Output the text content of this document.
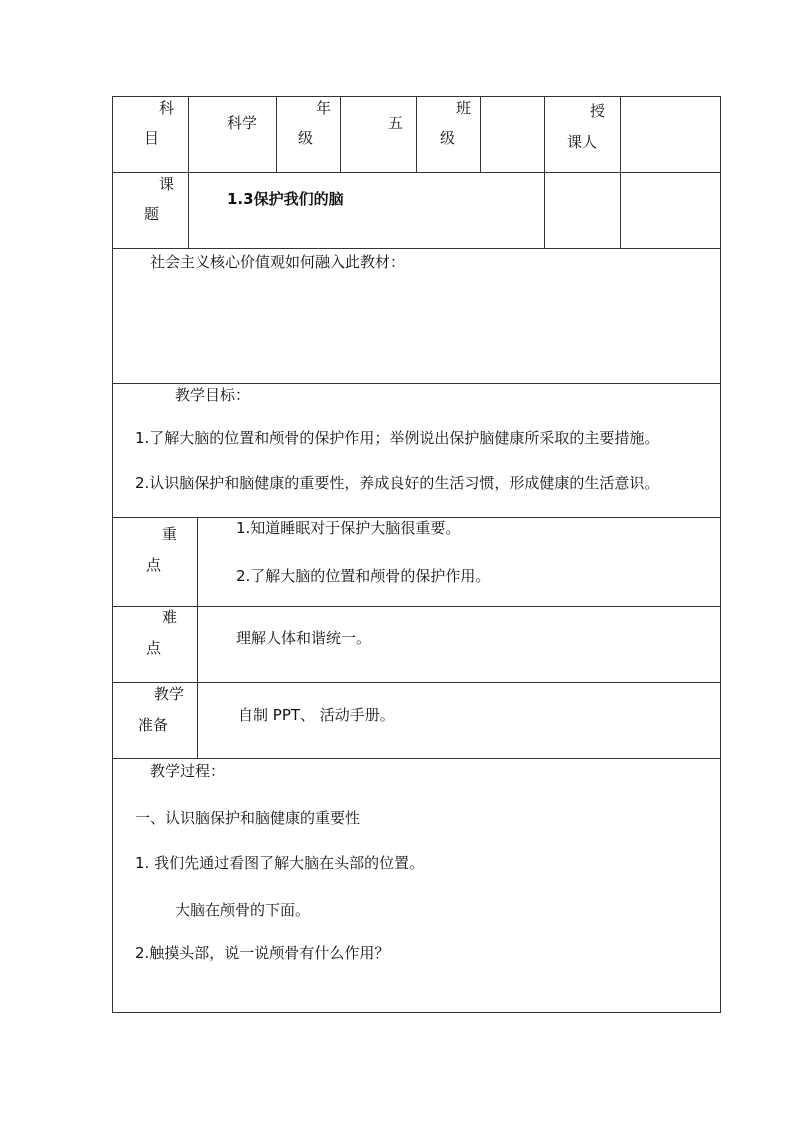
科
目
科学
年
级
五
班
级
授
课人
课
题
1.3保护我们的脑
社会主义核心价值观如何融入此教材：
教学目标：
1.了解大脑的位置和颅骨的保护作用；举例说出保护脑健康所采取的主要措施。
2.认识脑保护和脑健康的重要性，养成良好的生活习惯，形成健康的生活意识。
重
点
1.知道睡眠对于保护大脑很重要。
2.了解大脑的位置和颅骨的保护作用。
难
点
理解人体和谐统一。
教学
准备
自制 PPT、 活动手册。
教学过程：
一、认识脑保护和脑健康的重要性
1. 我们先通过看图了解大脑在头部的位置。
大脑在颅骨的下面。
2.触摸头部，说一说颅骨有什么作用？
